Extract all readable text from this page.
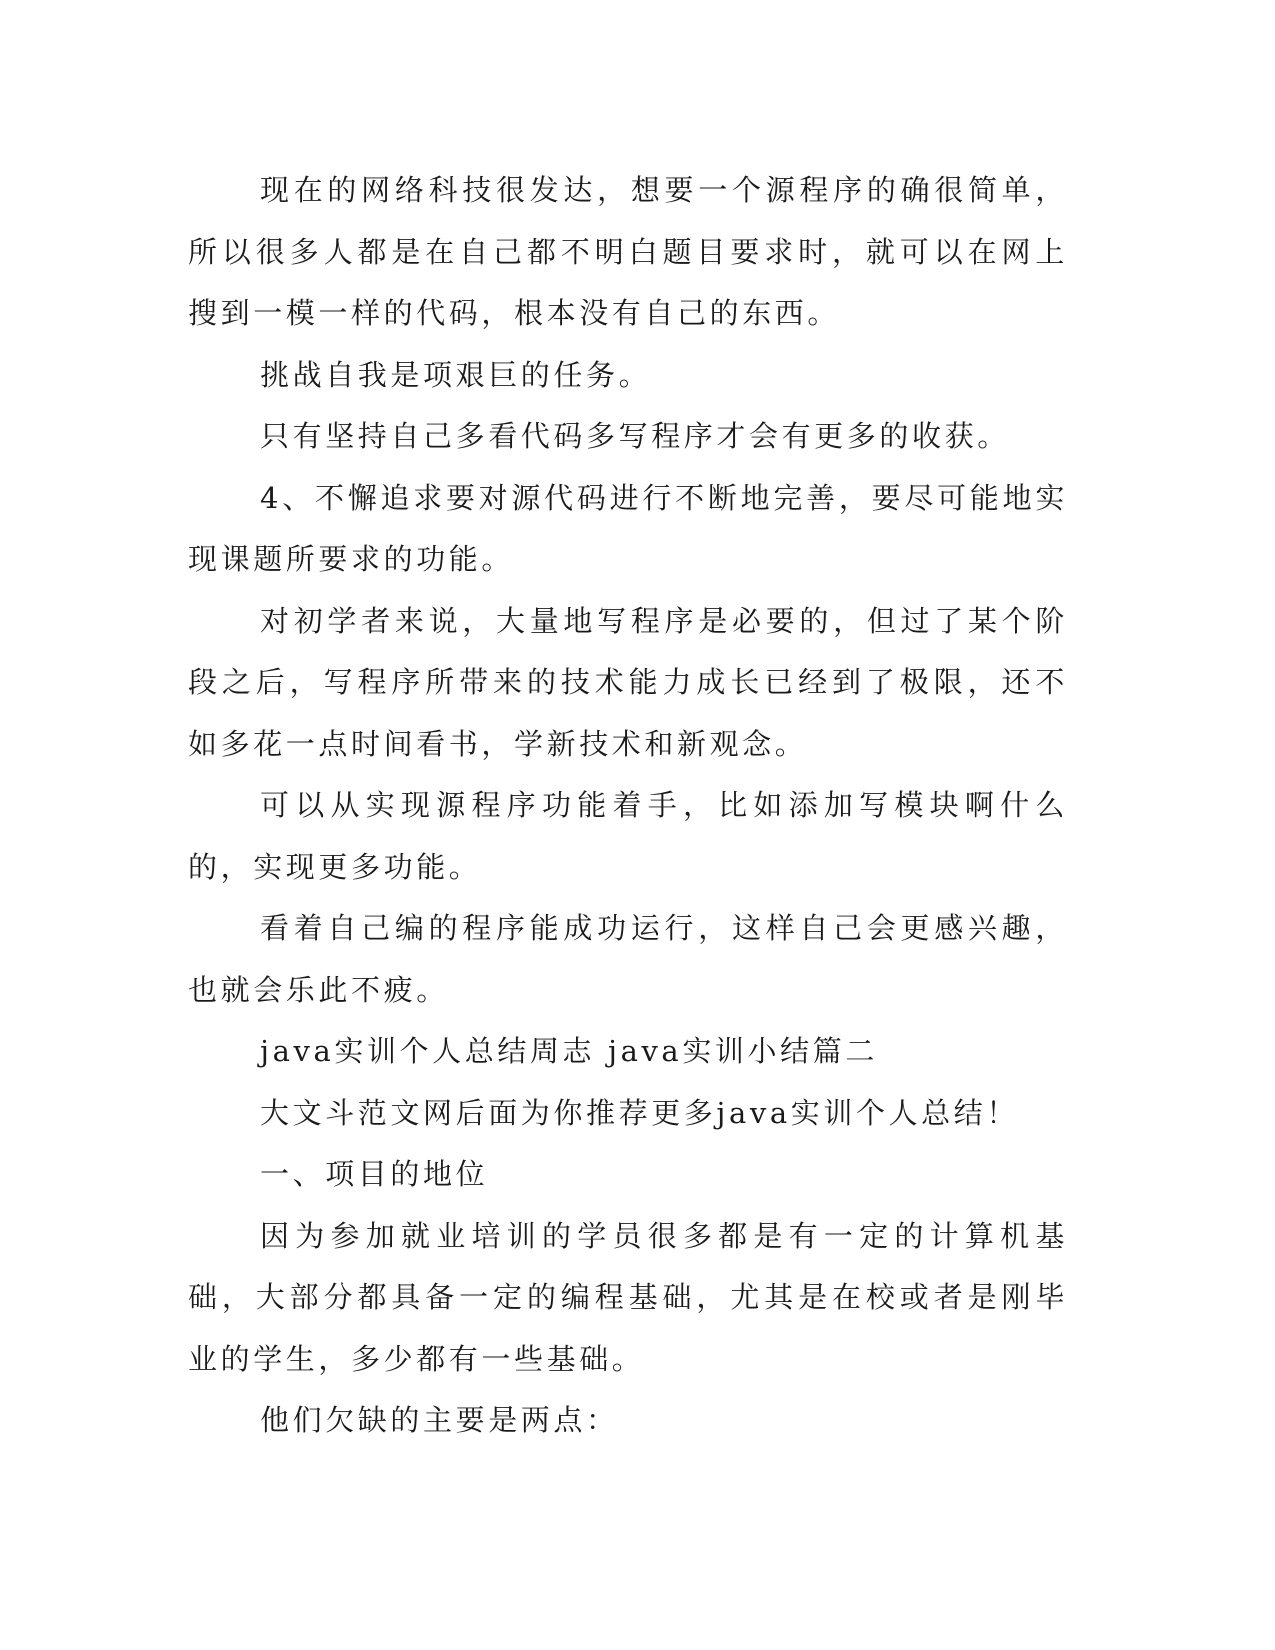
现在的网络科技很发达，想要一个源程序的确很简单，所以很多人都是在自己都不明白题目要求时，就可以在网上搜到一模一样的代码，根本没有自己的东西。

挑战自我是项艰巨的任务。

只有坚持自己多看代码多写程序才会有更多的收获。

4、不懈追求要对源代码进行不断地完善，要尽可能地实现课题所要求的功能。

对初学者来说，大量地写程序是必要的，但过了某个阶段之后，写程序所带来的技术能力成长已经到了极限，还不如多花一点时间看书，学新技术和新观念。

可以从实现源程序功能着手，比如添加写模块啊什么的，实现更多功能。

看着自己编的程序能成功运行，这样自己会更感兴趣，也就会乐此不疲。

java实训个人总结周志 java实训小结篇二

大文斗范文网后面为你推荐更多java实训个人总结！

一、项目的地位

因为参加就业培训的学员很多都是有一定的计算机基础，大部分都具备一定的编程基础，尤其是在校或者是刚毕业的学生，多少都有一些基础。

他们欠缺的主要是两点：
